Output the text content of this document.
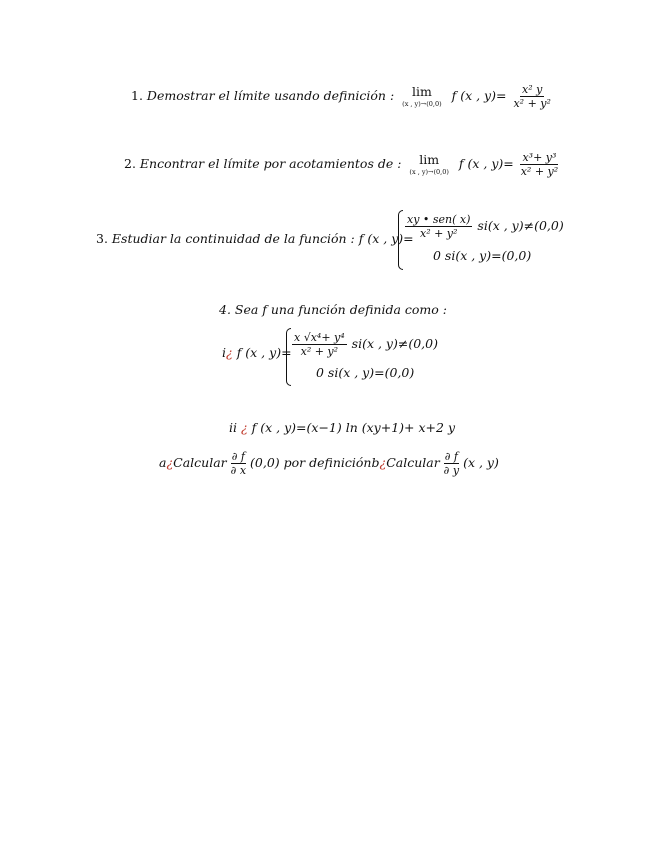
1. Demostrar el límite usando definición : lim
(x , y)→(0,0)
f (x , $y)= \frac{\text{x² y}}{\text{x² + y²}}$
2. Encontrar el límite por acotamientos de : lim
(x , y)→(0,0)
f (x , $y)= \frac{\text{x³+ y³}}{\text{x² + y²}}$
3. Estudiar la continuidad de la función : f (x , y)=
$\frac{\text{xy • sen( x)}}{\text{x² + y²}} si(x$ , y)≠(0,0)
0 si(x , y)=(0,0)
4. Sea f una función definida como :
i¿ f (x , $y)= \frac{\text{x √x⁴+ y⁴}}{\text{x² + y²}} si(x$ , y)≠(0,0)
0 si(x , y)=(0,0)
ii ¿ f (x , y)=(x−1) ln (xy+1)+ x+2 y
a¿Calcular $\frac{\partial f}{\partial x} (0,0)$ por definiciónb¿Calcular $\frac{\partial f}{\partial y} (x$ , y)
